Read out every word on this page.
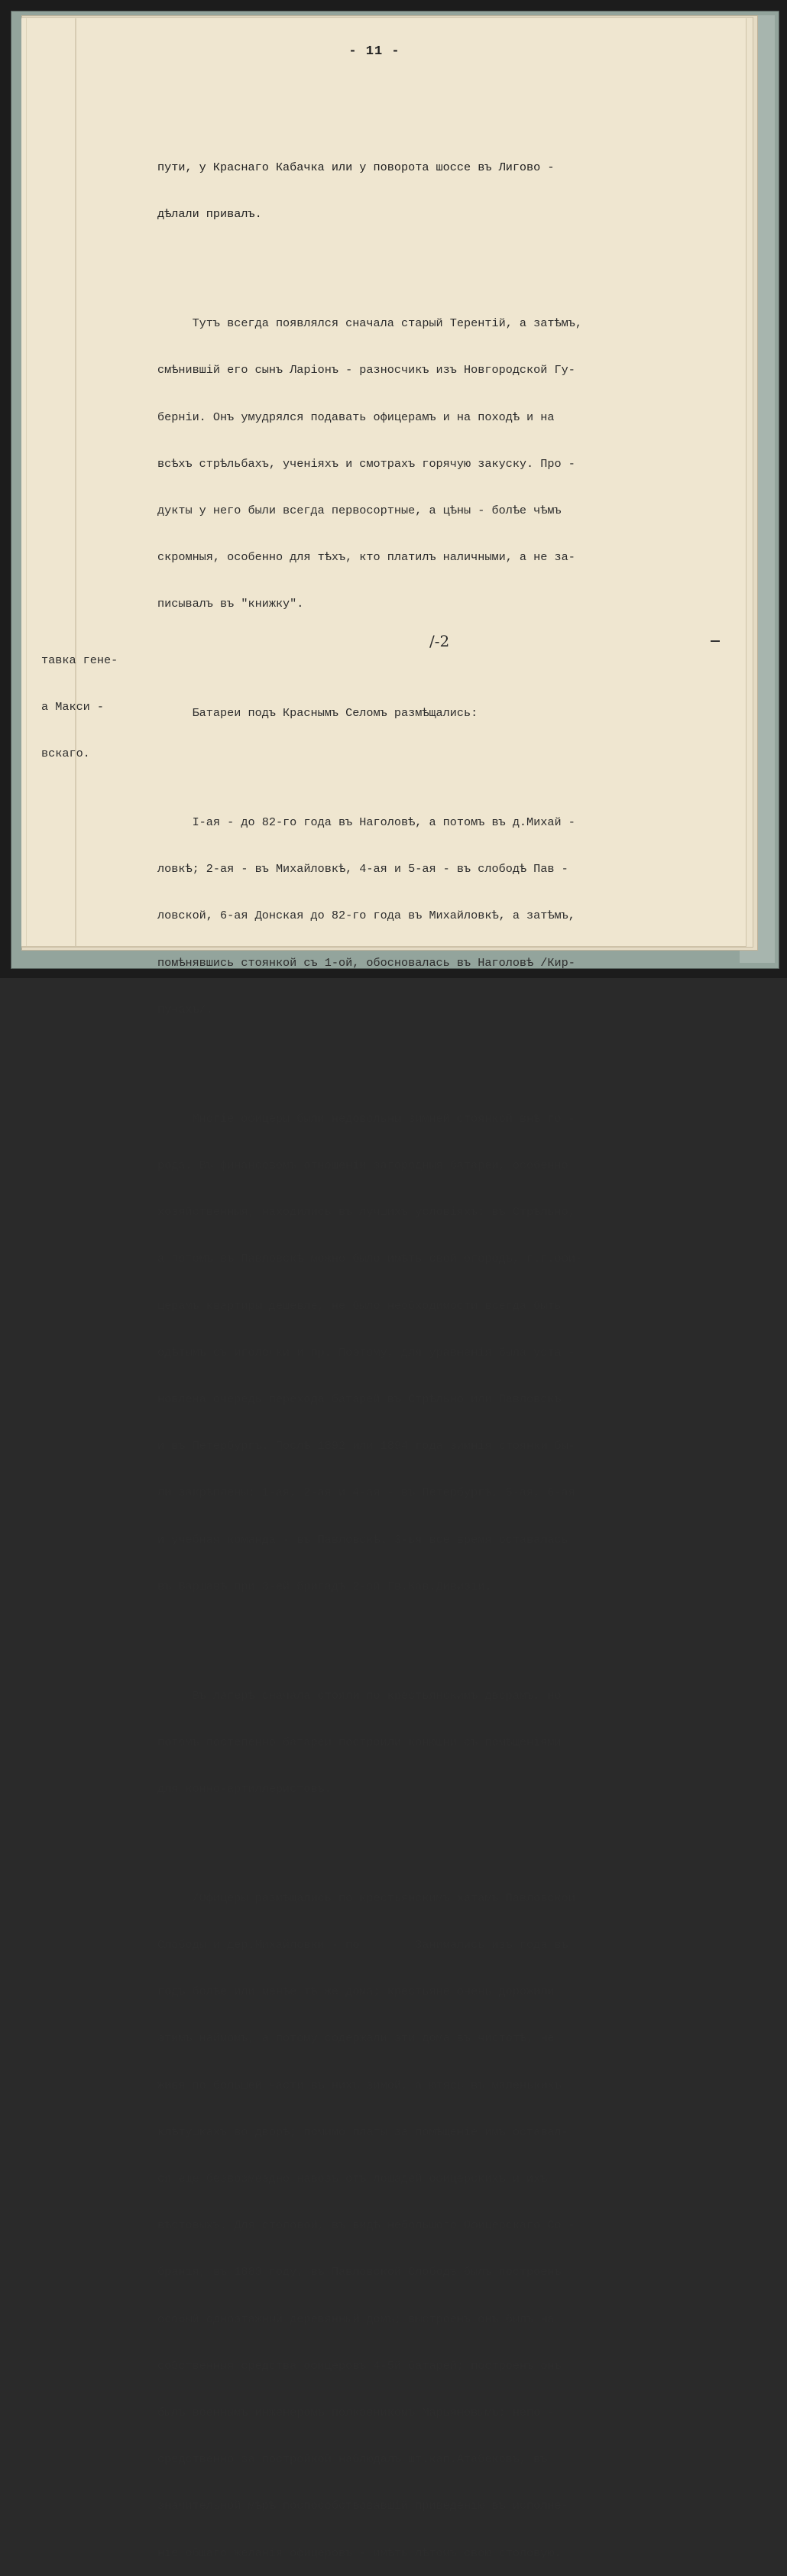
- 11 -

тавка гене-

а Макси -

вскаго.

пути, у Краснаго Кабачка или у поворота шоссе въ Лигово -

дѣлали привалъ.

Тутъ всегда появлялся сначала старый Терентій, а затѣмъ,

смѣнившій его сынъ Ларіонъ - разносчикъ изъ Новгородской Гу-

берніи. Онъ умудрялся подавать офицерамъ и на походѣ и на

всѣхъ стрѣльбахъ, ученіяхъ и смотрахъ горячую закуску. Про -

дукты у него были всегда первосортные, а цѣны - болѣе чѣмъ

скромныя, особенно для тѣхъ, кто платилъ наличными, а не за-

писывалъ въ "книжку".

Батареи подъ Краснымъ Селомъ размѣщались:

I-ая - до 82-го года въ Наголовѣ, а потомъ въ д.Михай -

ловкѣ; 2-ая - въ Михайловкѣ, 4-ая и 5-ая - въ слободѣ Пав -

ловской, 6-ая Донская до 82-го года въ Михайловкѣ, а затѣмъ,

помѣнявшись стоянкой съ 1-ой, обосновалась въ Наголовѣ /Кир-

пунахъ/.

Многіе офицеры были недовольны зимней стоянкой внѣ го -

рода. Въ финансовомъ отношеніи загородныя батареи, особенно

хозяйственныя, находились въ лучшихъ условіяхъ: въ Стрѣльно,

а потомъ въ Павловскѣ можно было имѣть свой огородъ, г.г.офи-

церамъ квартиры дешевле, не было необходимости всегда быть

одѣтымъ съ иголочки и пр. Поэтому, для уравненія была уста -

новлена очередь перехода батарей въ Стрѣльно или Павловскъ

и въ Петербургъ. Послѣ 1892 или 1894 года зимнія стоянки бы-

ли закрѣплены: 1-ая, 2-ая и 4-ая - въ Петербургѣ, 5-ая, 6-ая

и учебная команда - въ Павловскѣ. 3-ья все время оставалась

въ Варшавѣ при 3-ей бригадѣ 2-ой Гв.Кав.Дивизіи.

Въ лагерѣ сначала стояли по крестьянскимъ дворамъ, но

потомъ постепенно батареи построили конюшни съ помѣщеніями

для конно-артиллеристовъ.

/Офицеры размѣщались по крестьянскимъ хатамъ Павловской

Слободы и дер.Михайловки - по        Занимались изъ года въ

годъ болѣе или менѣе тѣ же дома; крестьяне очень дорожили

этимъ наймомъ, а потому содержали эти дома въ чистотѣ, не

живя по большей части въ нихъ зимой, а ютясь въ маленькихъ

клѣтушкахъ во дворѣ; помимо платы за помѣщеніе имъ оставал-

ся еще безвозмездно навозъ отъ лошадей офицерскихъ и ихъ

вѣстовыхъ. Для столовой, въ видѣ небольшого Офицерскаго Со -

бранія, въ 1883 году, въ Павловской Слободѣ былъ построенъ

особый одноэтажный деревянный домъ; выстроенъ онъ былъ на

собственныя средства офицеровъ 4-5й батарей; построенъ онъ

былъ военнымъ инженеромъ полковникомъ Марьяновымъ; непо -

средственно за постройкой наблюдалъ шт.кап.Атабековъ, въ

значительной мѣрѣ поспособствовавшій приведенію въ исполне-

ніе общаго желанія офицеровъ - имѣть лѣтомъ свою столовую.

/-2
